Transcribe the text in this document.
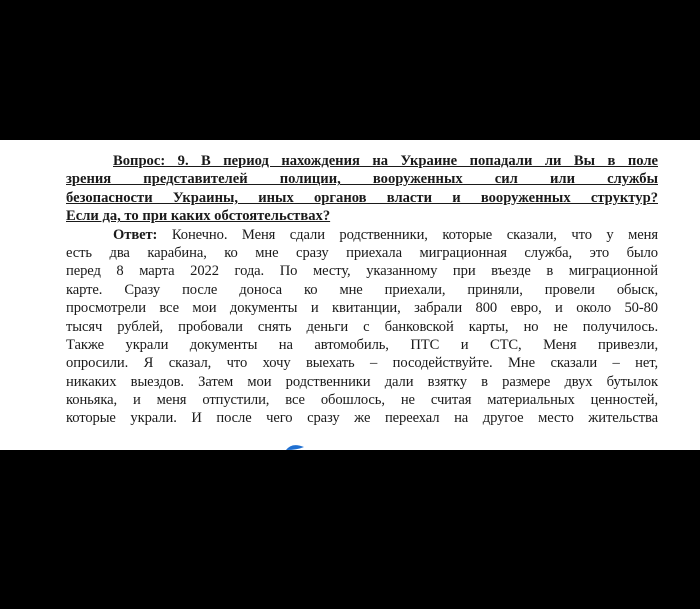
Вопрос: 9. В период нахождения на Украине попадали ли Вы в поле
зрения представителей полиции, вооруженных сил или службы
безопасности Украины, иных органов власти и вооруженных структур?
Если да, то при каких обстоятельствах?
Ответ: Конечно. Меня сдали родственники, которые сказали, что у меня
есть два карабина, ко мне сразу приехала миграционная служба, это было
перед 8 марта 2022 года. По месту, указанному при въезде в миграционной
карте. Сразу после доноса ко мне приехали, приняли, провели обыск,
просмотрели все мои документы и квитанции, забрали 800 евро, и около 50-80
тысяч рублей, пробовали снять деньги с банковской карты, но не получилось.
Также украли документы на автомобиль, ПТС и СТС, Меня привезли,
опросили. Я сказал, что хочу выехать – посодействуйте. Мне сказали – нет,
никаких выездов. Затем мои родственники дали взятку в размере двух бутылок
коньяка, и меня отпустили, все обошлось, не считая материальных ценностей,
которые украли. И после чего сразу же переехал на другое место жительства
